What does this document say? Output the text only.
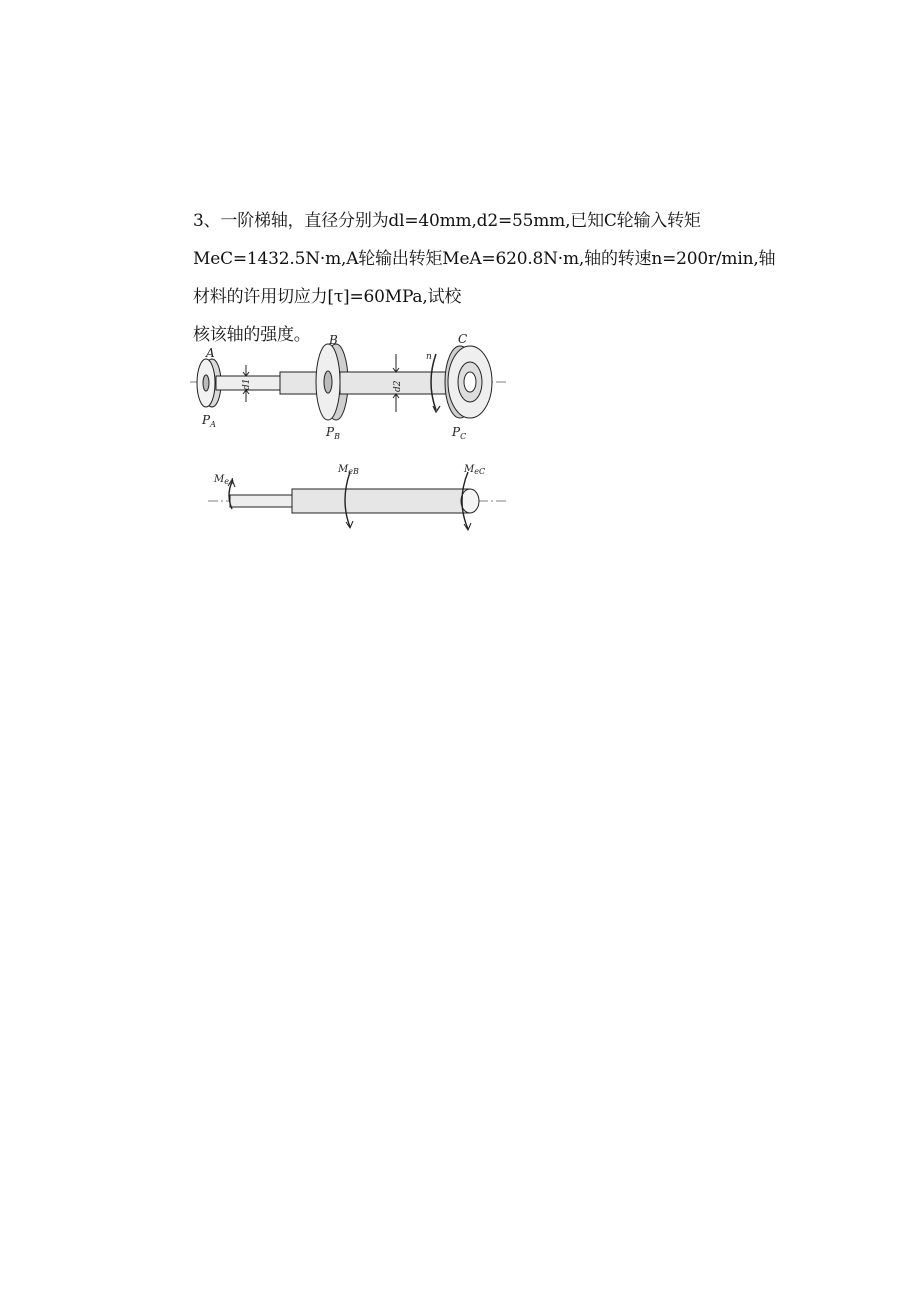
3、一阶梯轴，直径分别为dl=40mm,d2=55mm,已知C轮输入转矩
MeC=1432.5N·m,A轮输出转矩MeA=620.8N·m,轴的转速n=200r/min,轴
材料的许用切应力[τ]=60MPa,试校
核该轴的强度。
A
B	C
n
d1	d2
$P_A$
$P_B$	$P_C$
$M_{eA}$
$M_{eB}$	$M_{eC}$
